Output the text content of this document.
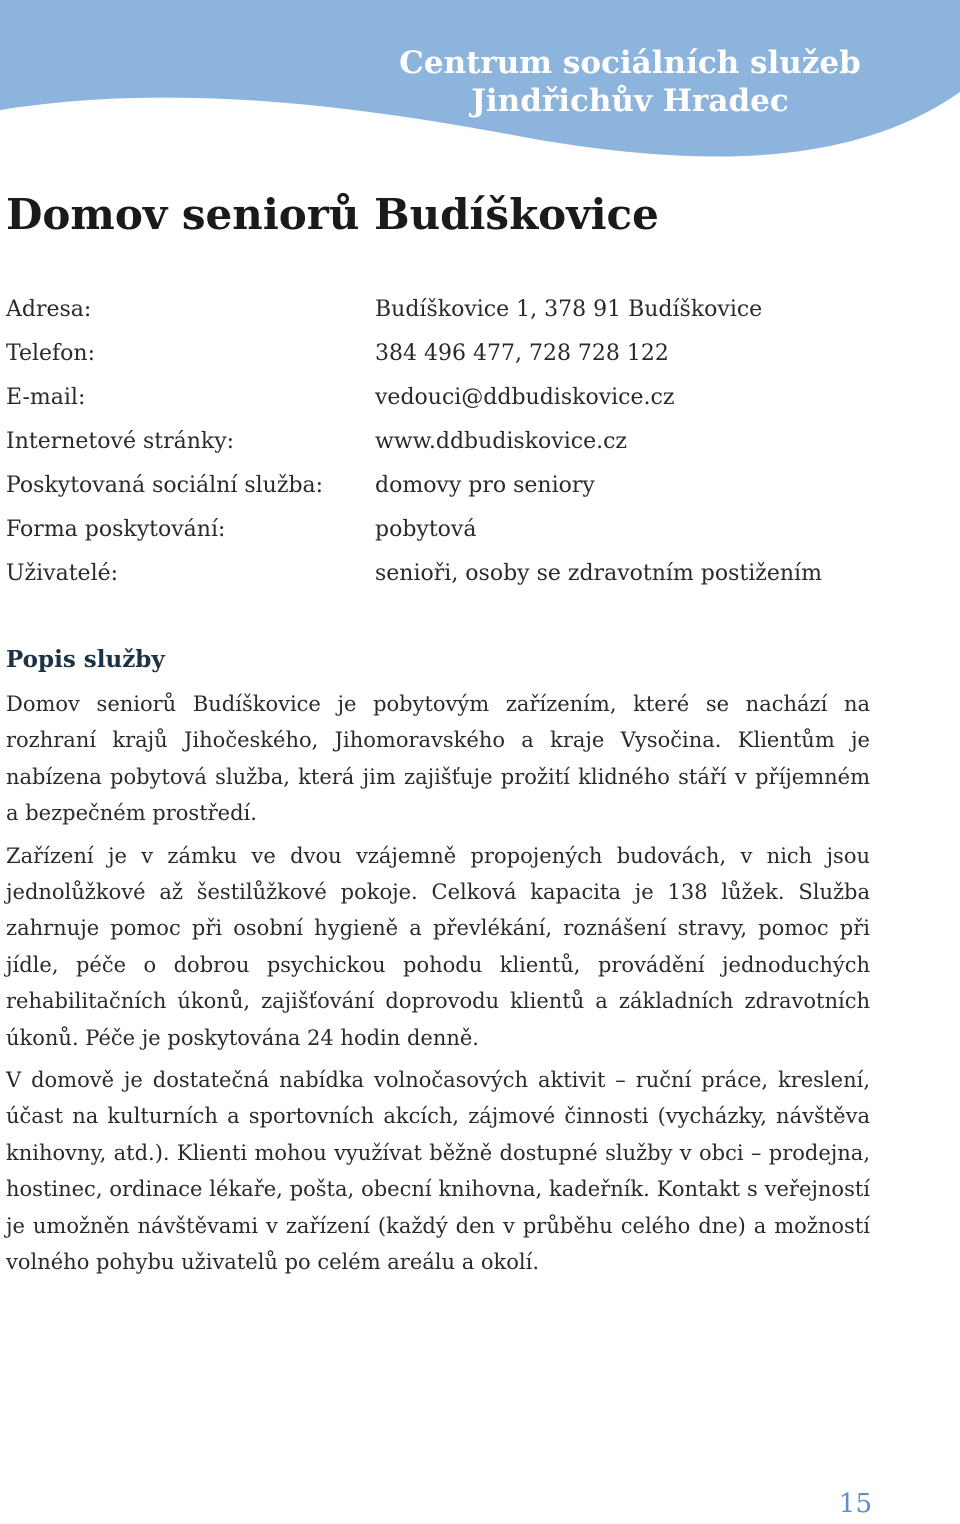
Centrum sociálních služeb
Jindřichův Hradec
Domov seniorů Budíškovice
Adresa:	Budíškovice 1, 378 91 Budíškovice
Telefon:	384 496 477, 728 728 122
E-mail:	vedouci@ddbudiskovice.cz
Internetové stránky:	www.ddbudiskovice.cz
Poskytovaná sociální služba: domovy pro seniory
Forma poskytování:	pobytová
Uživatelé:	senioři, osoby se zdravotním postižením
Popis služby

Domov seniorů Budíškovice je pobytovým zařízením, které se nachází na rozhraní krajů Jihočeského, Jihomoravského a kraje Vysočina. Klientům je nabízena pobytová služba, která jim zajišťuje prožití klidného stáří v příjemném a bezpečném prostředí.

Zařízení je v zámku ve dvou vzájemně propojených budovách, v nich jsou jednolůžkové až šestilůžkové pokoje. Celková kapacita je 138 lůžek. Služba zahrnuje pomoc při osobní hygieně a převlékání, roznášení stravy, pomoc při jídle, péče o dobrou psychickou pohodu klientů, provádění jednoduchých rehabilitačních úkonů, zajišťování doprovodu klientů a základních zdravotních úkonů. Péče je poskytována 24 hodin denně.

V domově je dostatečná nabídka volnočasových aktivit – ruční práce, kreslení, účast na kulturních a sportovních akcích, zájmové činnosti (vycházky, návštěva knihovny, atd.). Klienti mohou využívat běžně dostupné služby v obci – prodejna, hostinec, ordinace lékaře, pošta, obecní knihovna, kadeřník. Kontakt s veřejností je umožněn návštěvami v zařízení (každý den v průběhu celého dne) a možností volného pohybu uživatelů po celém areálu a okolí.

15
